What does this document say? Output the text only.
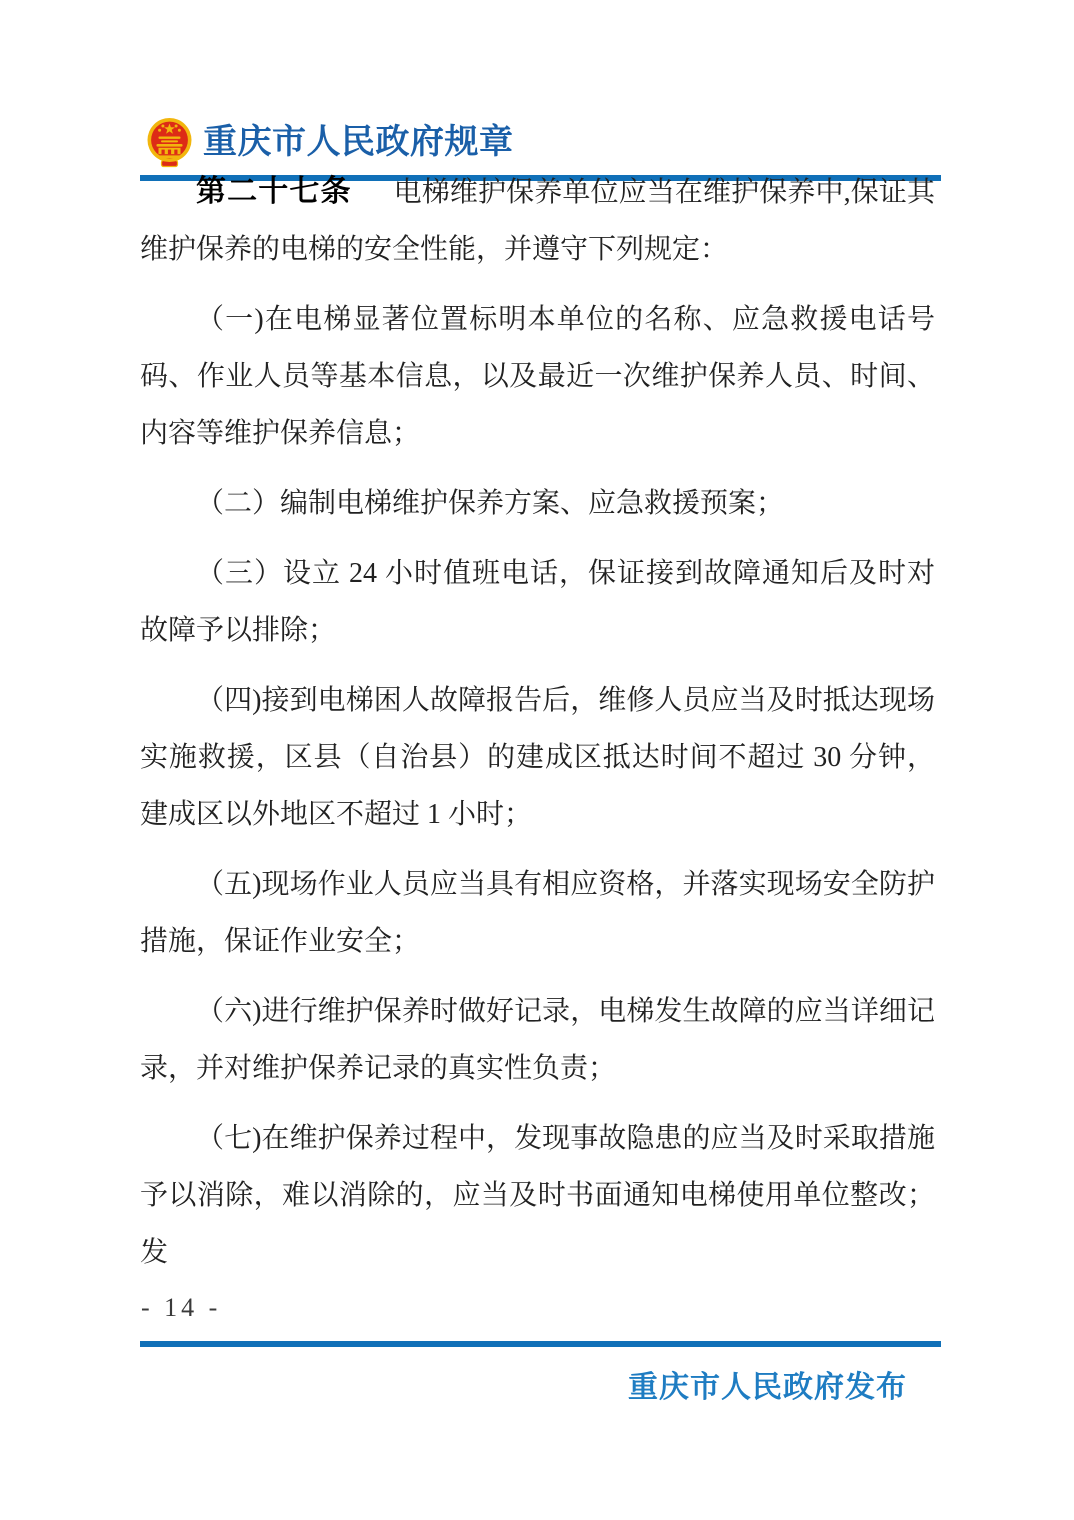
重庆市人民政府规章

第二十七条 电梯维护保养单位应当在维护保养中,保证其维护保养的电梯的安全性能，并遵守下列规定：

（一)在电梯显著位置标明本单位的名称、应急救援电话号码、作业人员等基本信息，以及最近一次维护保养人员、时间、内容等维护保养信息；

（二）编制电梯维护保养方案、应急救援预案；

（三）设立 24 小时值班电话，保证接到故障通知后及时对故障予以排除；

（四)接到电梯困人故障报告后，维修人员应当及时抵达现场实施救援，区县（自治县）的建成区抵达时间不超过 30 分钟，建成区以外地区不超过 1 小时；

（五)现场作业人员应当具有相应资格，并落实现场安全防护措施，保证作业安全；

（六)进行维护保养时做好记录，电梯发生故障的应当详细记录，并对维护保养记录的真实性负责；

（七)在维护保养过程中，发现事故隐患的应当及时采取措施予以消除，难以消除的，应当及时书面通知电梯使用单位整改；发

- 14 -
重庆市人民政府发布
